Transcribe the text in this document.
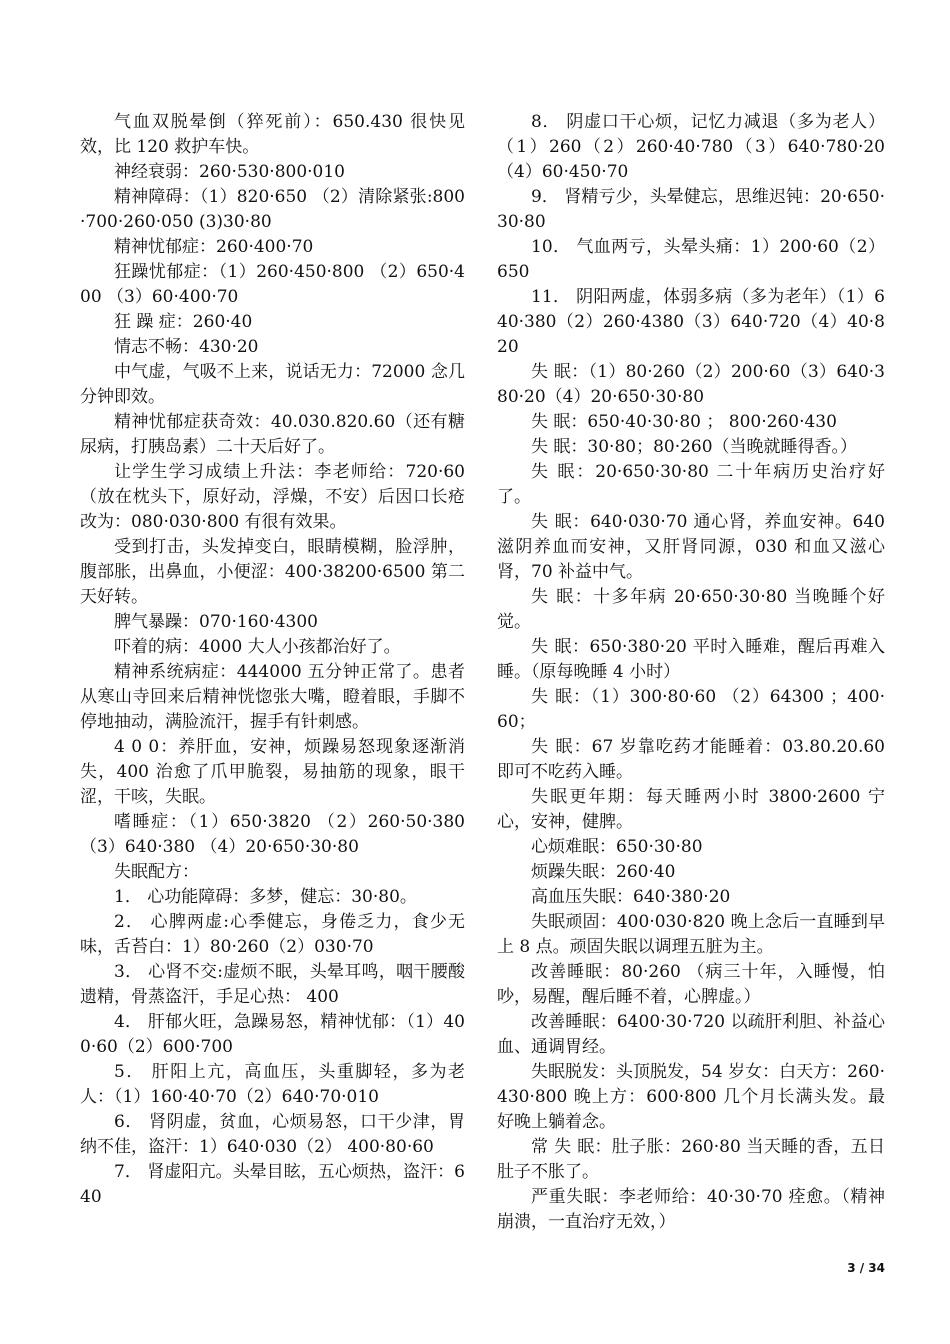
气血双脱晕倒（猝死前）：650.430 很快见效，比 120 救护车快。

神经衰弱：260·530·800·010

精神障碍：（1）820·650 （2）清除紧张:800·700·260·050 (3)30·80

精神忧郁症：260·400·70

狂躁忧郁症：（1）260·450·800 （2）650·400 （3）60·400·70

狂 躁 症：260·40

情志不畅：430·20

中气虚，气吸不上来，说话无力：72000 念几分钟即效。

精神忧郁症获奇效：40.030.820.60（还有糖尿病，打胰岛素）二十天后好了。

让学生学习成绩上升法：李老师给：720·60（放在枕头下，原好动，浮燥，不安）后因口长疮改为：080·030·800 有很有效果。

受到打击，头发掉变白，眼睛模糊，脸浮肿，腹部胀，出鼻血，小便涩：400·38200·6500 第二天好转。

脾气暴躁：070·160·4300

吓着的病：4000 大人小孩都治好了。

精神系统病症：444000 五分钟正常了。患者从寒山寺回来后精神恍惚张大嘴，瞪着眼，手脚不停地抽动，满脸流汗，握手有针刺感。

4 0 0：养肝血，安神，烦躁易怒现象逐渐消失，400 治愈了爪甲脆裂，易抽筋的现象，眼干涩，干咳，失眠。

嗜睡症：（1）650·3820 （2）260·50·380 （3）640·380 （4）20·650·30·80

失眠配方：

1． 心功能障碍：多梦，健忘：30·80。

2． 心脾两虚:心季健忘，身倦乏力，食少无味，舌苔白：1）80·260（2）030·70

3． 心肾不交:虚烦不眠，头晕耳鸣，咽干腰酸遗精，骨蒸盗汗，手足心热： 400

4． 肝郁火旺，急躁易怒，精神忧郁：（1）400·60（2）600·700

5． 肝阳上亢，高血压，头重脚轻，多为老人：（1）160·40·70（2）640·70·010

6． 肾阴虚，贫血，心烦易怒，口干少津，胃纳不佳，盗汗：1）640·030（2） 400·80·60

7． 肾虚阳亢。头晕目眩，五心烦热，盗汗：640

8． 阴虚口干心烦，记忆力减退（多为老人）（1）260（2）260·40·780（3）640·780·20（4）60·450·70

9． 肾精亏少，头晕健忘，思维迟钝：20·650·30·80

10． 气血两亏，头晕头痛：1）200·60（2）650

11． 阴阳两虚，体弱多病（多为老年）（1）640·380（2）260·4380（3）640·720（4）40·820

失 眠：（1）80·260（2）200·60（3）640·380·20（4）20·650·30·80

失 眠：650·40·30·80 ； 800·260·430

失 眠：30·80；80·260（当晚就睡得香。）

失 眠：20·650·30·80 二十年病历史治疗好了。

失 眠：640·030·70 通心肾，养血安神。640 滋阴养血而安神，又肝肾同源，030 和血又滋心肾，70 补益中气。

失 眠：十多年病 20·650·30·80 当晚睡个好觉。

失 眠：650·380·20 平时入睡难，醒后再难入睡。（原每晚睡 4 小时）

失 眠：（1）300·80·60 （2）64300 ；400·60；

失 眠：67 岁靠吃药才能睡着：03.80.20.60 即可不吃药入睡。

失眠更年期：每天睡两小时 3800·2600 宁心，安神，健脾。

心烦难眠：650·30·80

烦躁失眠：260·40

高血压失眠：640·380·20

失眠顽固：400·030·820 晚上念后一直睡到早上 8 点。顽固失眠以调理五脏为主。

改善睡眠：80·260 （病三十年，入睡慢，怕吵，易醒，醒后睡不着，心脾虚。）

改善睡眠：6400·30·720 以疏肝利胆、补益心血、通调胃经。

失眠脱发：头顶脱发，54 岁女：白天方：260·430·800 晚上方：600·800 几个月长满头发。最好晚上躺着念。

常 失 眠：肚子胀：260·80 当天睡的香，五日肚子不胀了。

严重失眠：李老师给：40·30·70 痊愈。（精神崩溃，一直治疗无效，）

3 / 34
